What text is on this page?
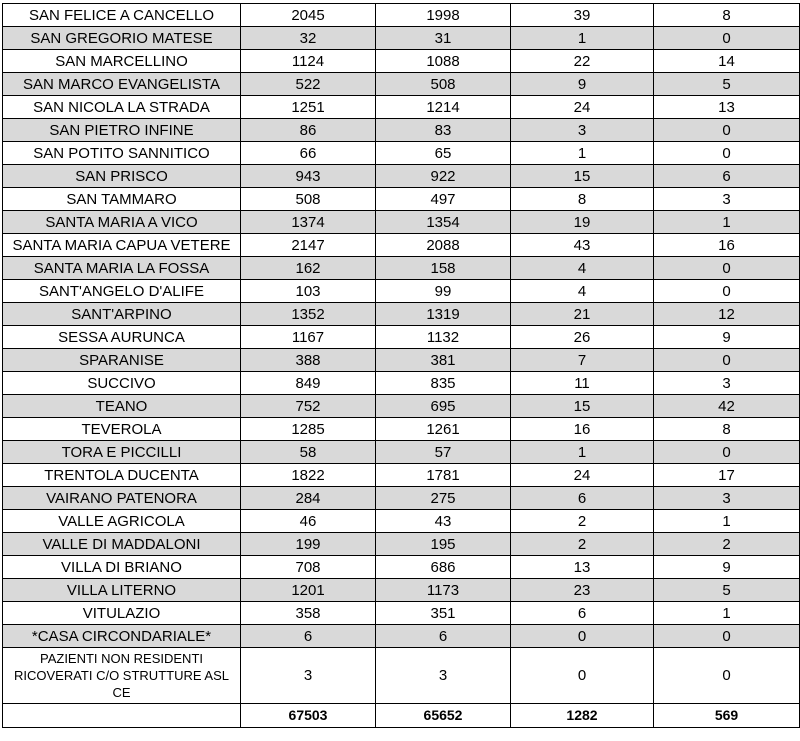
SAN FELICE A CANCELLO	2045	1998	39	8
SAN GREGORIO MATESE	32	31	1	0
SAN MARCELLINO	1124	1088	22	14
SAN MARCO EVANGELISTA	522	508	9	5
SAN NICOLA LA STRADA	1251	1214	24	13
SAN PIETRO INFINE	86	83	3	0
SAN POTITO SANNITICO	66	65	1	0
SAN PRISCO	943	922	15	6
SAN TAMMARO	508	497	8	3
SANTA MARIA A VICO	1374	1354	19	1
SANTA MARIA CAPUA VETERE	2147	2088	43	16
SANTA MARIA LA FOSSA	162	158	4	0
SANT'ANGELO D'ALIFE	103	99	4	0
SANT'ARPINO	1352	1319	21	12
SESSA AURUNCA	1167	1132	26	9
SPARANISE	388	381	7	0
SUCCIVO	849	835	11	3
TEANO	752	695	15	42
TEVEROLA	1285	1261	16	8
TORA E PICCILLI	58	57	1	0
TRENTOLA DUCENTA	1822	1781	24	17
VAIRANO PATENORA	284	275	6	3
VALLE AGRICOLA	46	43	2	1
VALLE DI MADDALONI	199	195	2	2
VILLA DI BRIANO	708	686	13	9
VILLA LITERNO	1201	1173	23	5
VITULAZIO	358	351	6	1
*CASA CIRCONDARIALE*	6	6	0	0
PAZIENTI NON RESIDENTI RICOVERATI C/O STRUTTURE ASL CE	3	3	0	0
	67503	65652	1282	569
